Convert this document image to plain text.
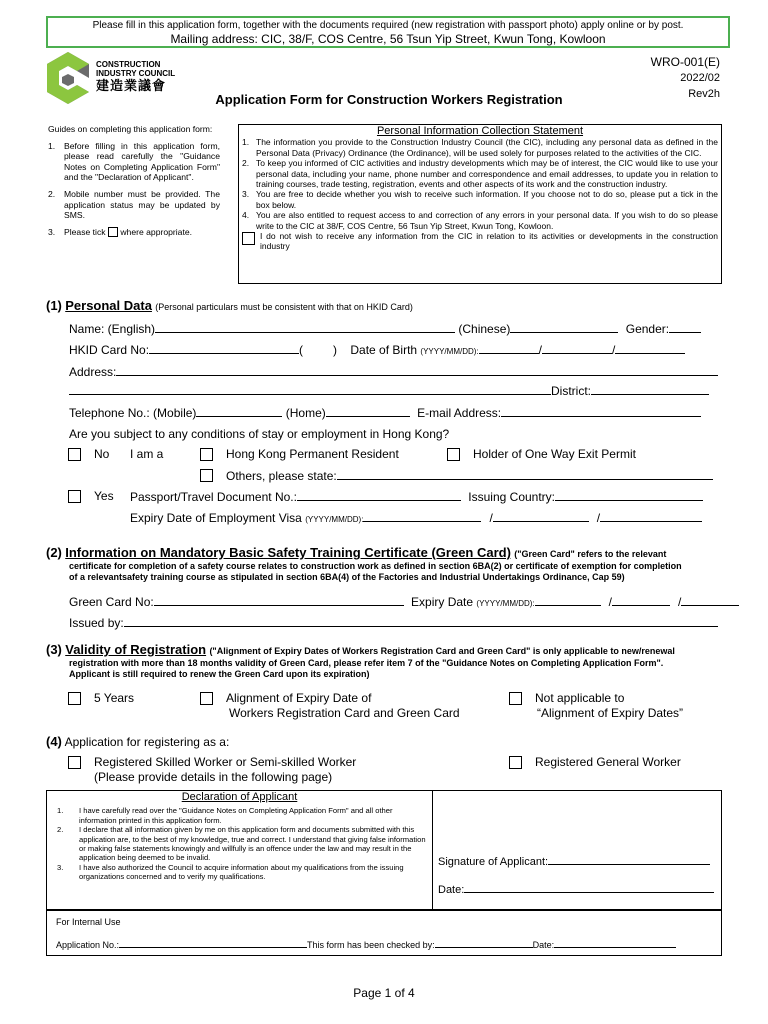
Please fill in this application form, together with the documents required (new registration with passport photo) apply online or by post.
Mailing address: CIC, 38/F, COS Centre, 56 Tsun Yip Street, Kwun Tong, Kowloon
CONSTRUCTION
INDUSTRY COUNCIL
建造業議會
WRO-001(E)
2022/02
Rev2h
Application Form for Construction Workers Registration
Guides on completing this application form:
1. Before filling in this application form, please read carefully the "Guidance Notes on Completing Application Form" and the "Declaration of Applicant".
2. Mobile number must be provided. The application status may be updated by SMS.
3. Please tick where appropriate.
Personal Information Collection Statement
1. The information you provide to the Construction Industry Council (the CIC), including any personal data as defined in the Personal Data (Privacy) Ordinance (the Ordinance), will be used solely for purposes related to the activities of the CIC.
2. To keep you informed of CIC activities and industry developments which may be of interest, the CIC would like to use your personal data, including your name, phone number and correspondence and email addresses, to update you in relation to training courses, trade testing, registration, events and other aspects of its work and the construction industry.
3. You are free to decide whether you wish to receive such information. If you choose not to do so, please put a tick in the box below.
4. You are also entitled to request access to and correction of any errors in your personal data. If you wish to do so please write to the CIC at 38/F, COS Centre, 56 Tsun Yip Street, Kwun Tong, Kowloon.
I do not wish to receive any information from the CIC in relation to its activities or developments in the construction industry
(1) Personal Data (Personal particulars must be consistent with that on HKID Card)
Name: (English)	(Chinese)	Gender:
HKID Card No:	(	) Date of Birth (YYYY/MM/DD):	/	/
Address:
District:
Telephone No.: (Mobile)	(Home)	E-mail Address:
Are you subject to any conditions of stay or employment in Hong Kong?
No I am a	Hong Kong Permanent Resident	Holder of One Way Exit Permit
Others, please state:
Yes Passport/Travel Document No.:	Issuing Country:
Expiry Date of Employment Visa (YYYY/MM/DD):	/	/
(2) Information on Mandatory Basic Safety Training Certificate (Green Card) ("Green Card" refers to the relevant
certificate for completion of a safety course relates to construction work as defined in section 6BA(2) or certificate of exemption for completion
of a relevantsafety training course as stipulated in section 6BA(4) of the Factories and Industrial Undertakings Ordinance, Cap 59)
Green Card No:	Expiry Date (YYYY/MM/DD):	/	/
Issued by:
(3) Validity of Registration ("Alignment of Expiry Dates of Workers Registration Card and Green Card" is only applicable to new/renewal
registration with more than 18 months validity of Green Card, please refer item 7 of the "Guidance Notes on Completing Application Form".
Applicant is still required to renew the Green Card upon its expiration)
5 Years	Alignment of Expiry Date of
Workers Registration Card and Green Card
Not applicable to
“Alignment of Expiry Dates”
(4) Application for registering as a:
Registered Skilled Worker or Semi-skilled Worker
(Please provide details in the following page)
Registered General Worker
Declaration of Applicant
1. I have carefully read over the "Guidance Notes on Completing Application Form" and all other information printed in this application form.
2. I declare that all information given by me on this application form and documents submitted with this application are, to the best of my knowledge, true and correct. I understand that giving false information or making false statements knowingly and willfully is an offence under the law and may result in the application being deemed to be invalid.
3. I have also authorized the Council to acquire information about my qualifications from the issuing organizations concerned and to verify my qualifications.
Signature of Applicant:
Date:
For Internal Use
Application No.:	This form has been checked by:	Date:
Page 1 of 4
